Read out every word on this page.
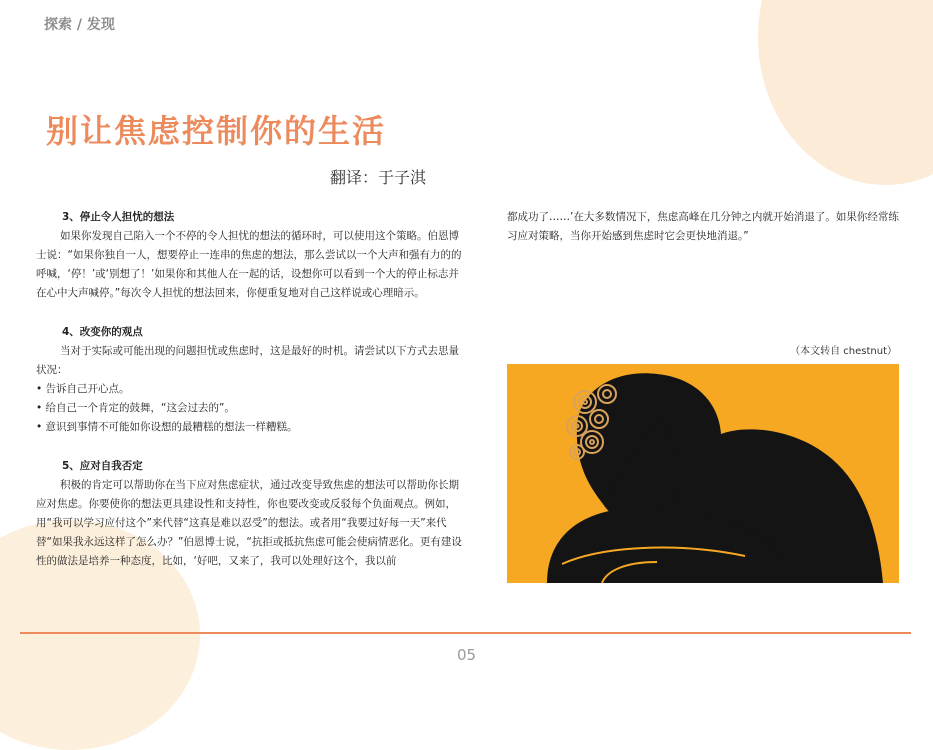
探索 / 发现
别让焦虑控制你的生活
翻译：于子淇

3、停止令人担忧的想法

如果你发现自己陷入一个不停的令人担忧的想法的循环时，可以使用这个策略。伯恩博士说：“如果你独自一人，想要停止一连串的焦虑的想法，那么尝试以一个大声和强有力的的呼喊，‘停！’或‘别想了！’如果你和其他人在一起的话，设想你可以看到一个大的停止标志并在心中大声喊停。”每次令人担忧的想法回来，你便重复地对自己这样说或心理暗示。

4、改变你的观点

当对于实际或可能出现的问题担忧或焦虑时，这是最好的时机。请尝试以下方式去思量状况：

• 告诉自己开心点。

• 给自己一个肯定的鼓舞，“这会过去的”。

• 意识到事情不可能如你设想的最糟糕的想法一样糟糕。

5、应对自我否定

积极的肯定可以帮助你在当下应对焦虑症状，通过改变导致焦虑的想法可以帮助你长期应对焦虑。你要使你的想法更具建设性和支持性，你也要改变或反驳每个负面观点。例如，用“我可以学习应付这个”来代替“这真是难以忍受”的想法。或者用“我要过好每一天”来代替“如果我永远这样了怎么办？”伯恩博士说，“抗拒或抵抗焦虑可能会使病情恶化。更有建设性的做法是培养一种态度，比如，‘好吧，又来了，我可以处理好这个，我以前

都成功了……’在大多数情况下，焦虑高峰在几分钟之内就开始消退了。如果你经常练习应对策略，当你开始感到焦虑时它会更快地消退。”

（本文转自 chestnut）
05
